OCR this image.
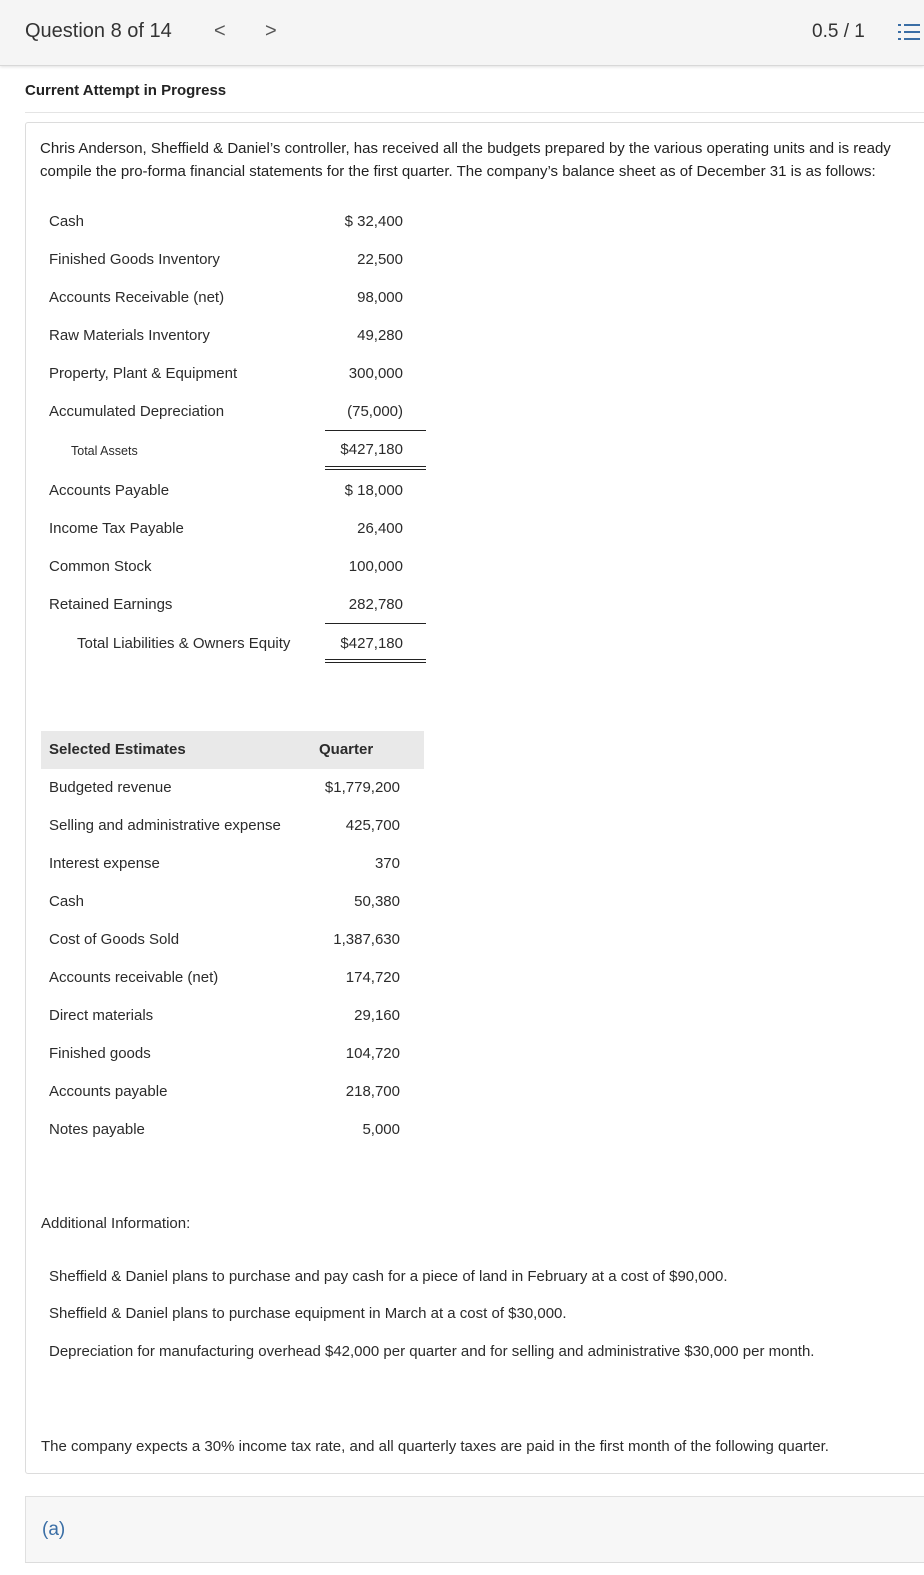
Question 8 of 14 < >	0.5 / 1
Current Attempt in Progress
Chris Anderson, Sheffield & Daniel’s controller, has received all the budgets prepared by the various operating units and is ready
compile the pro-forma financial statements for the first quarter. The company’s balance sheet as of December 31 is as follows:
Cash	$ 32,400
Finished Goods Inventory	22,500
Accounts Receivable (net)	98,000
Raw Materials Inventory	49,280
Property, Plant & Equipment	300,000
Accumulated Depreciation	(75,000)
Total Assets	$427,180
Accounts Payable	$ 18,000
Income Tax Payable	26,400
Common Stock	100,000
Retained Earnings	282,780
Total Liabilities & Owners Equity	$427,180
Selected Estimates	Quarter
Budgeted revenue	$1,779,200
Selling and administrative expense	425,700
Interest expense	370
Cash	50,380
Cost of Goods Sold	1,387,630
Accounts receivable (net)	174,720
Direct materials	29,160
Finished goods	104,720
Accounts payable	218,700
Notes payable	5,000
Additional Information:
Sheffield & Daniel plans to purchase and pay cash for a piece of land in February at a cost of $90,000.
Sheffield & Daniel plans to purchase equipment in March at a cost of $30,000.
Depreciation for manufacturing overhead $42,000 per quarter and for selling and administrative $30,000 per month.
The company expects a 30% income tax rate, and all quarterly taxes are paid in the first month of the following quarter.
(a)
